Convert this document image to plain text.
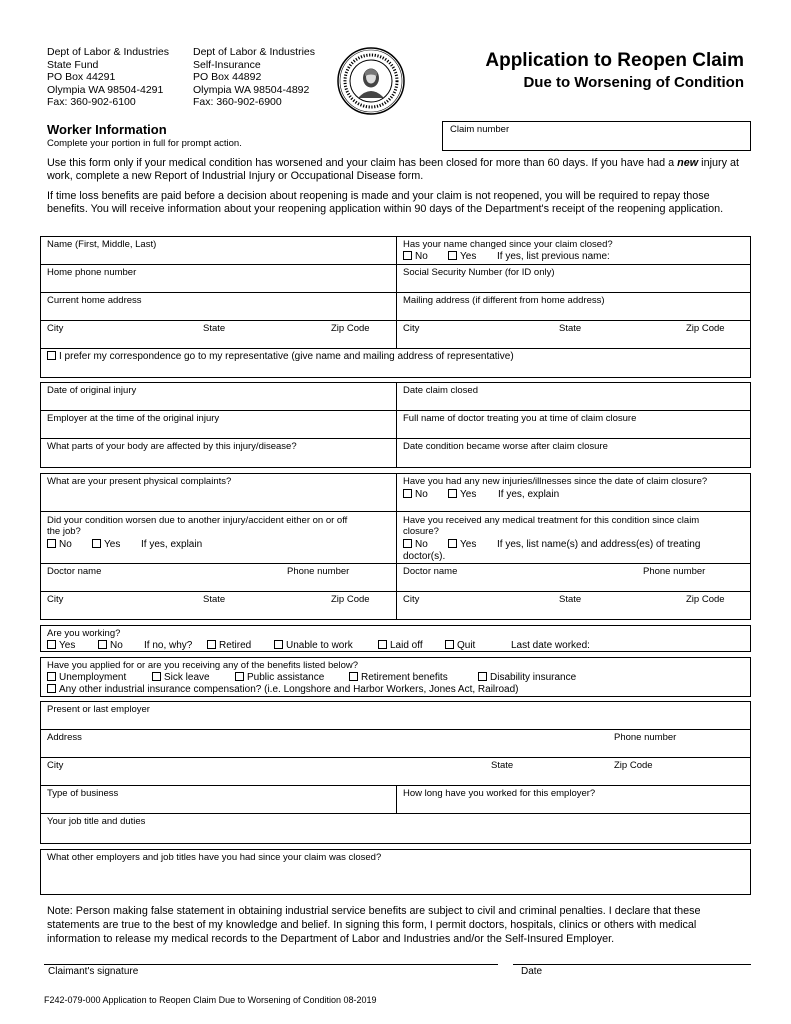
Dept of Labor & Industries
State Fund
PO Box 44291
Olympia WA 98504-4291
Fax: 360-902-6100
Dept of Labor & Industries
Self-Insurance
PO Box 44892
Olympia WA 98504-4892
Fax: 360-902-6900
Application to Reopen Claim
Due to Worsening of Condition
Worker Information
Complete your portion in full for prompt action.
Claim number
Use this form only if your medical condition has worsened and your claim has been closed for more than 60 days. If you have had a new injury at work, complete a new Report of Industrial Injury or Occupational Disease form.
If time loss benefits are paid before a decision about reopening is made and your claim is not reopened, you will be required to repay those benefits. You will receive information about your reopening application within 90 days of the Department's receipt of the reopening application.
Name (First, Middle, Last)	Has your name changed since your claim closed?
No	Yes If yes, list previous name:
Home phone number	Social Security Number (for ID only)
Current home address	Mailing address (if different from home address)
City	State	Zip Code	City	State	Zip Code
I prefer my correspondence go to my representative (give name and mailing address of representative)
Date of original injury	Date claim closed
Employer at the time of the original injury	Full name of doctor treating you at time of claim closure
What parts of your body are affected by this injury/disease?	Date condition became worse after claim closure
What are your present physical complaints?	Have you had any new injuries/illnesses since the date of claim closure?
No	Yes If yes, explain
Did your condition worsen due to another injury/accident either on or off
the job?
No	Yes If yes, explain
Have you received any medical treatment for this condition since claim
closure?
No	Yes If yes, list name(s) and address(es) of treating
doctor(s).
Doctor name	Phone number	Doctor name	Phone number
City	State	Zip Code	City	State	Zip Code
Are you working?
Yes	No If no, why?	Retired	Unable to work	Laid off	Quit	Last date worked:
Have you applied for or are you receiving any of the benefits listed below?
Unemployment	Sick leave	Public assistance	Retirement benefits	Disability insurance
Any other industrial insurance compensation? (i.e. Longshore and Harbor Workers, Jones Act, Railroad)
Present or last employer
Address	Phone number
City	State	Zip Code
Type of business	How long have you worked for this employer?
Your job title and duties
What other employers and job titles have you had since your claim was closed?
Note: Person making false statement in obtaining industrial service benefits are subject to civil and criminal penalties. I declare that these statements are true to the best of my knowledge and belief. In signing this form, I permit doctors, hospitals, clinics or others with medical information to release my medical records to the Department of Labor and Industries and/or the Self-Insured Employer.
Claimant's signature	Date
F242-079-000 Application to Reopen Claim Due to Worsening of Condition 08-2019
